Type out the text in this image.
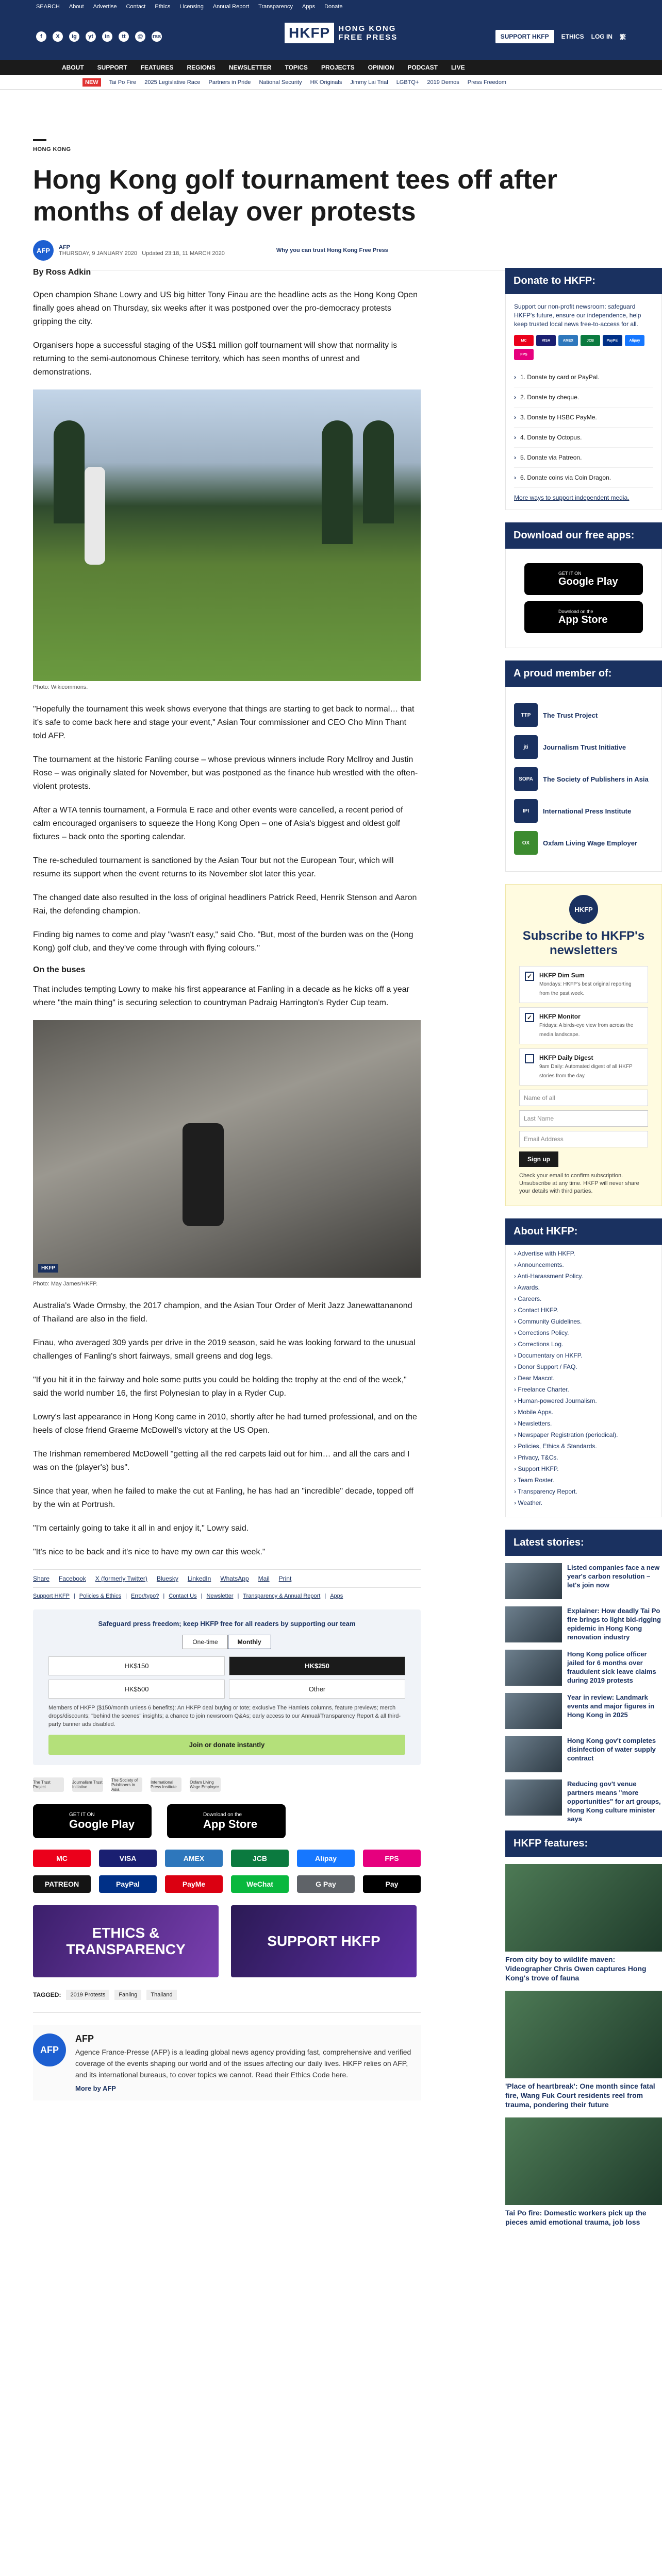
SEARCH About Advertise Contact Ethics Licensing Annual Report Transparency Apps Donate
f	X	ig	yt	in	tt	@	rss	HKFP	HONG KONG
FREE PRESS	SUPPORT HKFP	ETHICS LOG IN 繁
ABOUT SUPPORT FEATURES REGIONS NEWSLETTER TOPICS PROJECTS OPINION PODCAST LIVE
NEW	Tai Po Fire 2025 Legislative Race Partners in Pride National Security HK Originals Jimmy Lai Trial LGBTQ+ 2019 Demos Press Freedom
HONG KONG
Hong Kong golf tournament tees off after months of delay over protests
AFP	AFP
THURSDAY, 9 JANUARY 2020 Updated 23:18, 11 MARCH 2020	Why you can trust Hong Kong Free Press
By Ross Adkin

Open champion Shane Lowry and US big hitter Tony Finau are the headline acts as the Hong Kong Open finally goes ahead on Thursday, six weeks after it was postponed over the pro-democracy protests gripping the city.

Organisers hope a successful staging of the US$1 million golf tournament will show that normality is returning to the semi-autonomous Chinese territory, which has seen months of unrest and demonstrations.

Photo: Wikicommons.

"Hopefully the tournament this week shows everyone that things are starting to get back to normal… that it's safe to come back here and stage your event," Asian Tour commissioner and CEO Cho Minn Thant told AFP.

The tournament at the historic Fanling course – whose previous winners include Rory McIlroy and Justin Rose – was originally slated for November, but was postponed as the finance hub wrestled with the often-violent protests.

After a WTA tennis tournament, a Formula E race and other events were cancelled, a recent period of calm encouraged organisers to squeeze the Hong Kong Open – one of Asia's biggest and oldest golf fixtures – back onto the sporting calendar.

The re-scheduled tournament is sanctioned by the Asian Tour but not the European Tour, which will resume its support when the event returns to its November slot later this year.

The changed date also resulted in the loss of original headliners Patrick Reed, Henrik Stenson and Aaron Rai, the defending champion.

Finding big names to come and play "wasn't easy," said Cho. "But, most of the burden was on the (Hong Kong) golf club, and they've come through with flying colours."

On the buses

That includes tempting Lowry to make his first appearance at Fanling in a decade as he kicks off a year where "the main thing" is securing selection to countryman Padraig Harrington's Ryder Cup team.

HKFP
Photo: May James/HKFP.

Australia's Wade Ormsby, the 2017 champion, and the Asian Tour Order of Merit Jazz Janewattananond of Thailand are also in the field.

Finau, who averaged 309 yards per drive in the 2019 season, said he was looking forward to the unusual challenges of Fanling's short fairways, small greens and dog legs.

"If you hit it in the fairway and hole some putts you could be holding the trophy at the end of the week," said the world number 16, the first Polynesian to play in a Ryder Cup.

Lowry's last appearance in Hong Kong came in 2010, shortly after he had turned professional, and on the heels of close friend Graeme McDowell's victory at the US Open.

The Irishman remembered McDowell "getting all the red carpets laid out for him… and all the cars and I was on the (player's) bus".

Since that year, when he failed to make the cut at Fanling, he has had an "incredible" decade, topped off by the win at Portrush.

"I'm certainly going to take it all in and enjoy it," Lowry said.

"It's nice to be back and it's nice to have my own car this week."

Share Facebook X (formerly Twitter) Bluesky LinkedIn WhatsApp Mail Print
Support HKFP | Policies & Ethics | Error/typo? | Contact Us | Newsletter | Transparency & Annual Report | Apps
Safeguard press freedom; keep HKFP free for all readers by supporting our team
One-time	Monthly
HK$150	HK$250
HK$500	Other
Members of HKFP ($150/month unless 6 benefits): An HKFP deal buying or tote; exclusive The Hamlets columns, feature previews; merch drops/discounts; "behind the scenes" insights; a chance to join newsroom Q&As; early access to our Annual/Transparency Report & all third-party banner ads disabled.
Join or donate instantly
The Trust Project
Journalism Trust Initiative
The Society of Publishers in Asia
International Press Institute
Oxfam Living Wage Employer
GET IT ON
Google Play
Download on the
App Store
MC	VISA	AMEX	JCB	Alipay	FPS
PATREON	PayPal	PayMe	WeChat	G Pay	Pay
ETHICS & TRANSPARENCY
SUPPORT HKFP
TAGGED:	2019 Protests	Fanling	Thailand
AFP
AFP
Agence France-Presse (AFP) is a leading global news agency providing fast, comprehensive and verified coverage of the events shaping our world and of the issues affecting our daily lives. HKFP relies on AFP, and its international bureaus, to cover topics we cannot. Read their Ethics Code here.
More by AFP
Donate to HKFP:
Support our non-profit newsroom: safeguard HKFP's future, ensure our independence, help keep trusted local news free-to-access for all.
MC	VISA	AMEX	JCB	PayPal	Alipay
FPS
› 1. Donate by card or PayPal.
› 2. Donate by cheque.
› 3. Donate by HSBC PayMe.
› 4. Donate by Octopus.
› 5. Donate via Patreon.
› 6. Donate coins via Coin Dragon.
More ways to support independent media.
Download our free apps:
GET IT ON
Google Play
Download on the
App Store
A proud member of:
TTP	The Trust Project
jti	Journalism Trust Initiative
SOPA	The Society of Publishers in Asia
IPI	International Press Institute
OX	Oxfam Living Wage Employer
HKFP
Subscribe to HKFP's newsletters
✓	HKFP Dim Sum
Mondays: HKFP's best original reporting from the past week.
✓	HKFP Monitor
Fridays: A birds-eye view from across the media landscape.
HKFP Daily Digest
9am Daily: Automated digest of all HKFP stories from the day.
Name of all
Last Name
Email Address
Sign up
Check your email to confirm subscription. Unsubscribe at any time. HKFP will never share your details with third parties.
About HKFP:
› Advertise with HKFP.
› Announcements.
› Anti-Harassment Policy.
› Awards.
› Careers.
› Contact HKFP.
› Community Guidelines.
› Corrections Policy.
› Corrections Log.
› Documentary on HKFP.
› Donor Support / FAQ.
› Dear Mascot.
› Freelance Charter.
› Human-powered Journalism.
› Mobile Apps.
› Newsletters.
› Newspaper Registration (periodical).
› Policies, Ethics & Standards.
› Privacy, T&Cs.
› Support HKFP.
› Team Roster.
› Transparency Report.
› Weather.
Latest stories:
Listed companies face a new year's carbon resolution – let's join now
Explainer: How deadly Tai Po fire brings to light bid-rigging epidemic in Hong Kong renovation industry
Hong Kong police officer jailed for 6 months over fraudulent sick leave claims during 2019 protests
Year in review: Landmark events and major figures in Hong Kong in 2025
Hong Kong gov't completes disinfection of water supply contract
Reducing gov't venue partners means "more opportunities" for art groups, Hong Kong culture minister says
HKFP features:
From city boy to wildlife maven: Videographer Chris Owen captures Hong Kong's trove of fauna
'Place of heartbreak': One month since fatal fire, Wang Fuk Court residents reel from trauma, pondering their future
Tai Po fire: Domestic workers pick up the pieces amid emotional trauma, job loss
